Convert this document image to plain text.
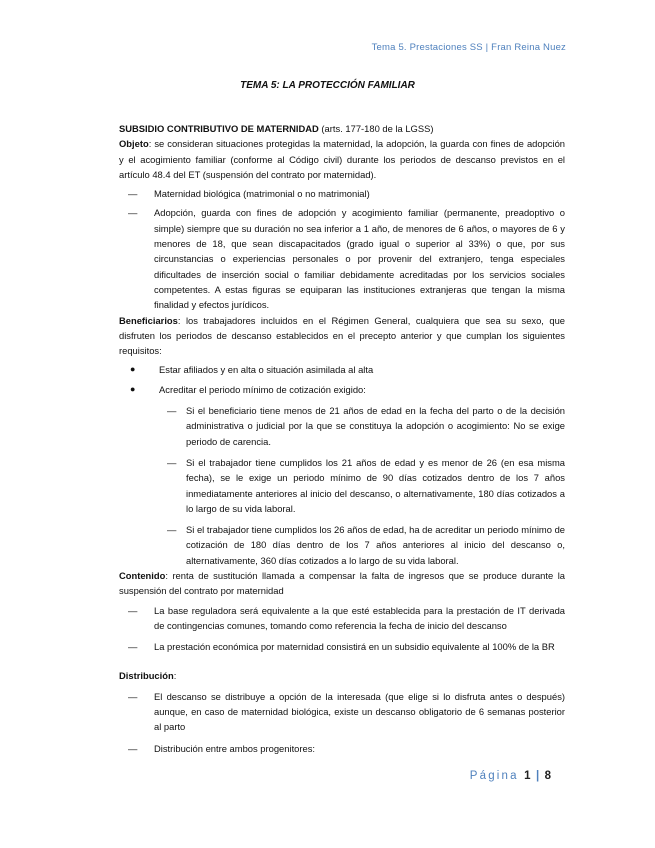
Tema 5. Prestaciones SS | Fran Reina Nuez
TEMA 5: LA PROTECCIÓN FAMILIAR

SUBSIDIO CONTRIBUTIVO DE MATERNIDAD (arts. 177-180 de la LGSS)

Objeto: se consideran situaciones protegidas la maternidad, la adopción, la guarda con fines de adopción y el acogimiento familiar (conforme al Código civil) durante los periodos de descanso previstos en el artículo 48.4 del ET (suspensión del contrato por maternidad).

— Maternidad biológica (matrimonial o no matrimonial)

— Adopción, guarda con fines de adopción y acogimiento familiar (permanente, preadoptivo o simple) siempre que su duración no sea inferior a 1 año, de menores de 6 años, o mayores de 6 y menores de 18, que sean discapacitados (grado igual o superior al 33%) o que, por sus circunstancias o experiencias personales o por provenir del extranjero, tenga especiales dificultades de inserción social o familiar debidamente acreditadas por los servicios sociales competentes. A estas figuras se equiparan las instituciones extranjeras que tengan la misma finalidad y efectos jurídicos.

Beneficiarios: los trabajadores incluidos en el Régimen General, cualquiera que sea su sexo, que disfruten los periodos de descanso establecidos en el precepto anterior y que cumplan los siguientes requisitos:

●	Estar afiliados y en alta o situación asimilada al alta

●	Acreditar el periodo mínimo de cotización exigido:

— Si el beneficiario tiene menos de 21 años de edad en la fecha del parto o de la decisión administrativa o judicial por la que se constituya la adopción o acogimiento: No se exige periodo de carencia.

— Si el trabajador tiene cumplidos los 21 años de edad y es menor de 26 (en esa misma fecha), se le exige un periodo mínimo de 90 días cotizados dentro de los 7 años inmediatamente anteriores al inicio del descanso, o alternativamente, 180 días cotizados a lo largo de su vida laboral.

— Si el trabajador tiene cumplidos los 26 años de edad, ha de acreditar un periodo mínimo de cotización de 180 días dentro de los 7 años anteriores al inicio del descanso o, alternativamente, 360 días cotizados a lo largo de su vida laboral.

Contenido: renta de sustitución llamada a compensar la falta de ingresos que se produce durante la suspensión del contrato por maternidad

— La base reguladora será equivalente a la que esté establecida para la prestación de IT derivada de contingencias comunes, tomando como referencia la fecha de inicio del descanso

— La prestación económica por maternidad consistirá en un subsidio equivalente al 100% de la BR

Distribución:

— El descanso se distribuye a opción de la interesada (que elige si lo disfruta antes o después) aunque, en caso de maternidad biológica, existe un descanso obligatorio de 6 semanas posterior al parto

— Distribución entre ambos progenitores:

Página 1 | 8
